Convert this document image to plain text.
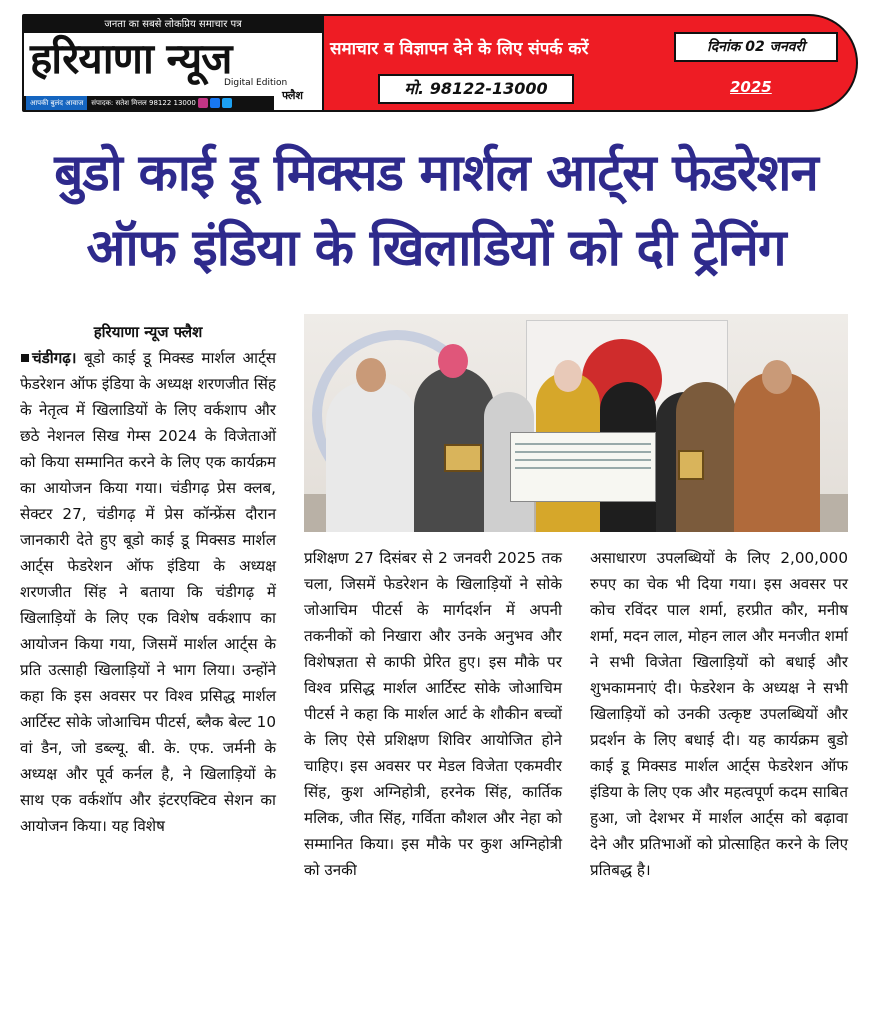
जनता का सबसे लोकप्रिय समाचार पत्र
हरियाणा न्यूज
Digital Edition
फ्लैश
आपकी बुलंद आवाज संपादक: सतेश मित्तल 98122 13000
समाचार व विज्ञापन देने के लिए संपर्क करें
मो. 98122-13000
दिनांक 02 जनवरी
2025
बुडो काई डू मिक्सड मार्शल आर्ट्स फेडरेशन
ऑफ इंडिया के खिलाडियों को दी ट्रेनिंग
हरियाणा न्यूज फ्लैश

चंडीगढ़। बूडो काई डू मिक्स्ड मार्शल आर्ट्स फेडरेशन ऑफ इंडिया के अध्यक्ष शरणजीत सिंह के नेतृत्व में खिलाडियों के लिए वर्कशाप और छठे नेशनल सिख गेम्स 2024 के विजेताओं को किया सम्मानित करने के लिए एक कार्यक्रम का आयोजन किया गया। चंडीगढ़ प्रेस क्लब, सेक्टर 27, चंडीगढ़ में प्रेस कॉन्फ्रेंस दौरान जानकारी देते हुए बूडो काई डू मिक्सड मार्शल आर्ट्स फेडरेशन ऑफ इंडिया के अध्यक्ष शरणजीत सिंह ने बताया कि चंडीगढ़ में खिलाड़ियों के लिए एक विशेष वर्कशाप का आयोजन किया गया, जिसमें मार्शल आर्ट्स के प्रति उत्साही खिलाड़ियों ने भाग लिया। उन्होंने कहा कि इस अवसर पर विश्व प्रसिद्ध मार्शल आर्टिस्ट सोके जोआचिम पीटर्स, ब्लैक बेल्ट 10 वां डैन, जो डब्ल्यू. बी. के. एफ. जर्मनी के अध्यक्ष और पूर्व कर्नल है, ने खिलाड़ियों के साथ एक वर्कशॉप और इंटरएक्टिव सेशन का आयोजन किया। यह विशेष

प्रशिक्षण 27 दिसंबर से 2 जनवरी 2025 तक चला, जिसमें फेडरेशन के खिलाड़ियों ने सोके जोआचिम पीटर्स के मार्गदर्शन में अपनी तकनीकों को निखारा और उनके अनुभव और विशेषज्ञता से काफी प्रेरित हुए। इस मौके पर विश्व प्रसिद्ध मार्शल आर्टिस्ट सोके जोआचिम पीटर्स ने कहा कि मार्शल आर्ट के शौकीन बच्चों के लिए ऐसे प्रशिक्षण शिविर आयोजित होने चाहिए। इस अवसर पर मेडल विजेता एकमवीर सिंह, कुश अग्निहोत्री, हरनेक सिंह, कार्तिक मलिक, जीत सिंह, गर्विता कौशल और नेहा को सम्मानित किया। इस मौके पर कुश अग्निहोत्री को उनकी

असाधारण उपलब्धियों के लिए 2,00,000 रुपए का चेक भी दिया गया। इस अवसर पर कोच रविंदर पाल शर्मा, हरप्रीत कौर, मनीष शर्मा, मदन लाल, मोहन लाल और मनजीत शर्मा ने सभी विजेता खिलाड़ियों को बधाई और शुभकामनाएं दी। फेडरेशन के अध्यक्ष ने सभी खिलाड़ियों को उनकी उत्कृष्ट उपलब्धियों और प्रदर्शन के लिए बधाई दी। यह कार्यक्रम बुडो काई डू मिक्सड मार्शल आर्ट्स फेडरेशन ऑफ इंडिया के लिए एक और महत्वपूर्ण कदम साबित हुआ, जो देशभर में मार्शल आर्ट्स को बढ़ावा देने और प्रतिभाओं को प्रोत्साहित करने के लिए प्रतिबद्ध है।
